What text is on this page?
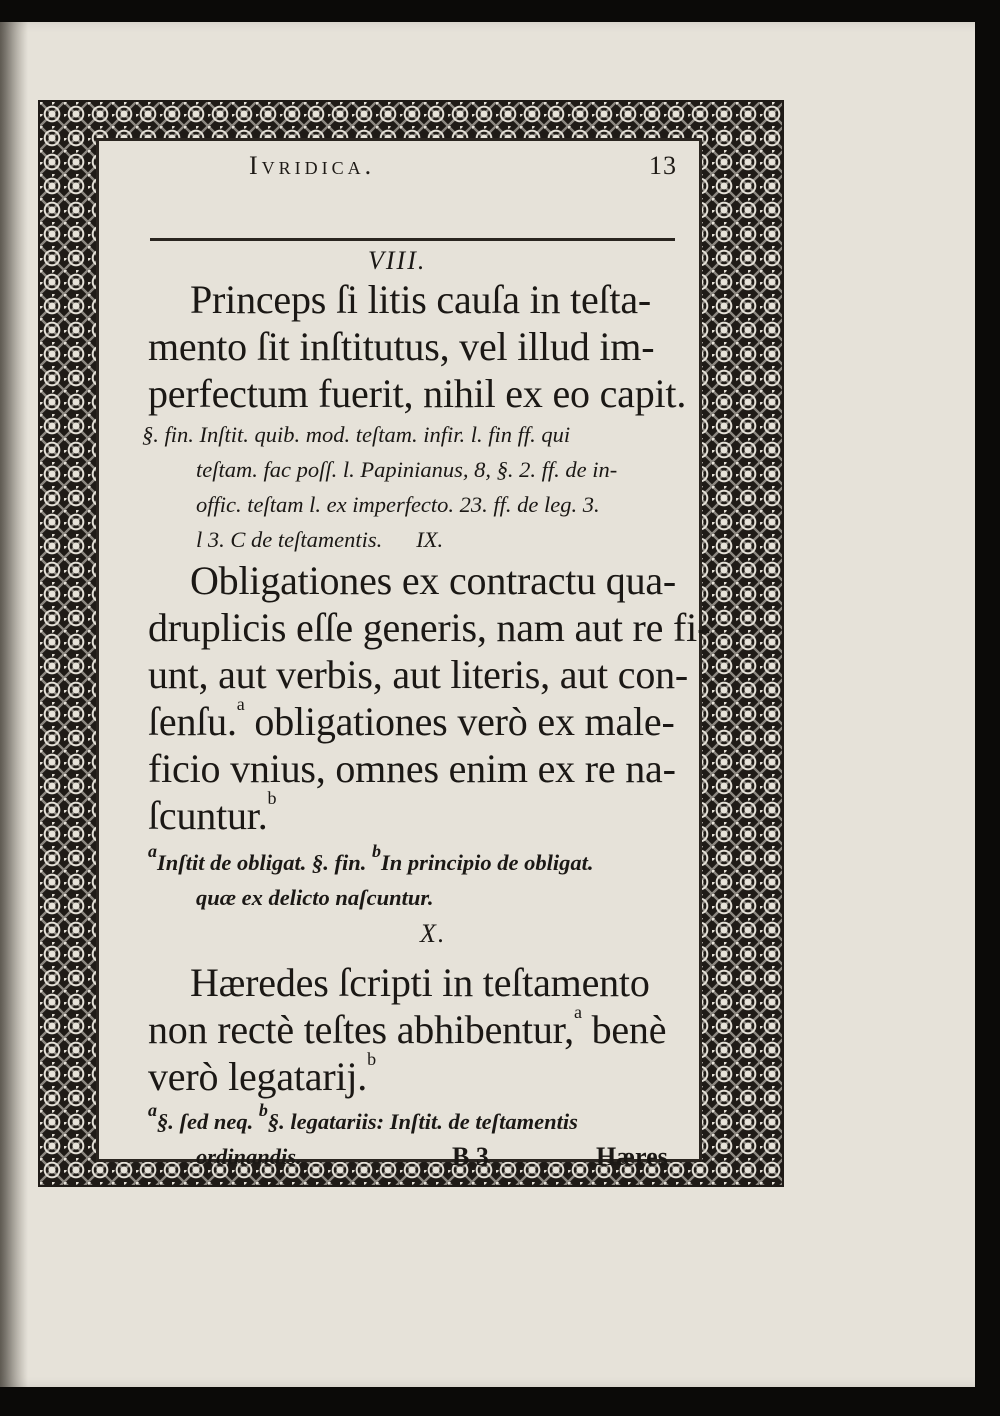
Ivridica.	13

VIII.

Princeps ſi litis cauſa in teſta-

mento ſit inſtitutus, vel illud im-

perfectum fuerit, nihil ex eo capit.

§. fin. Inſtit. quib. mod. teſtam. infir. l. fin ff. qui

teſtam. fac poſſ. l. Papinianus, 8, §. 2. ff. de in-

offic. teſtam l. ex imperfecto. 23. ff. de leg. 3.

l 3. C de teſtamentis. IX.

Obligationes ex contractu qua-

druplicis eſſe generis, nam aut re fi-

unt, aut verbis, aut literis, aut con-

ſenſu.$^a$ obligationes verò ex male-

ficio vnius, omnes enim ex re na-

ſcuntur.$^b$

$^a$Inſtit de obligat. §. fin. $^b$In principio de obligat.

quæ ex delicto naſcuntur.

X.

Hæredes ſcripti in teſtamento

non rectè teſtes abhibentur,$^a$ benè

verò legatarij.$^b$

$^a$§. ſed neq. $^b$§. legatariis: Inſtit. de teſtamentis

ordinandis.	B 3	Hæres
